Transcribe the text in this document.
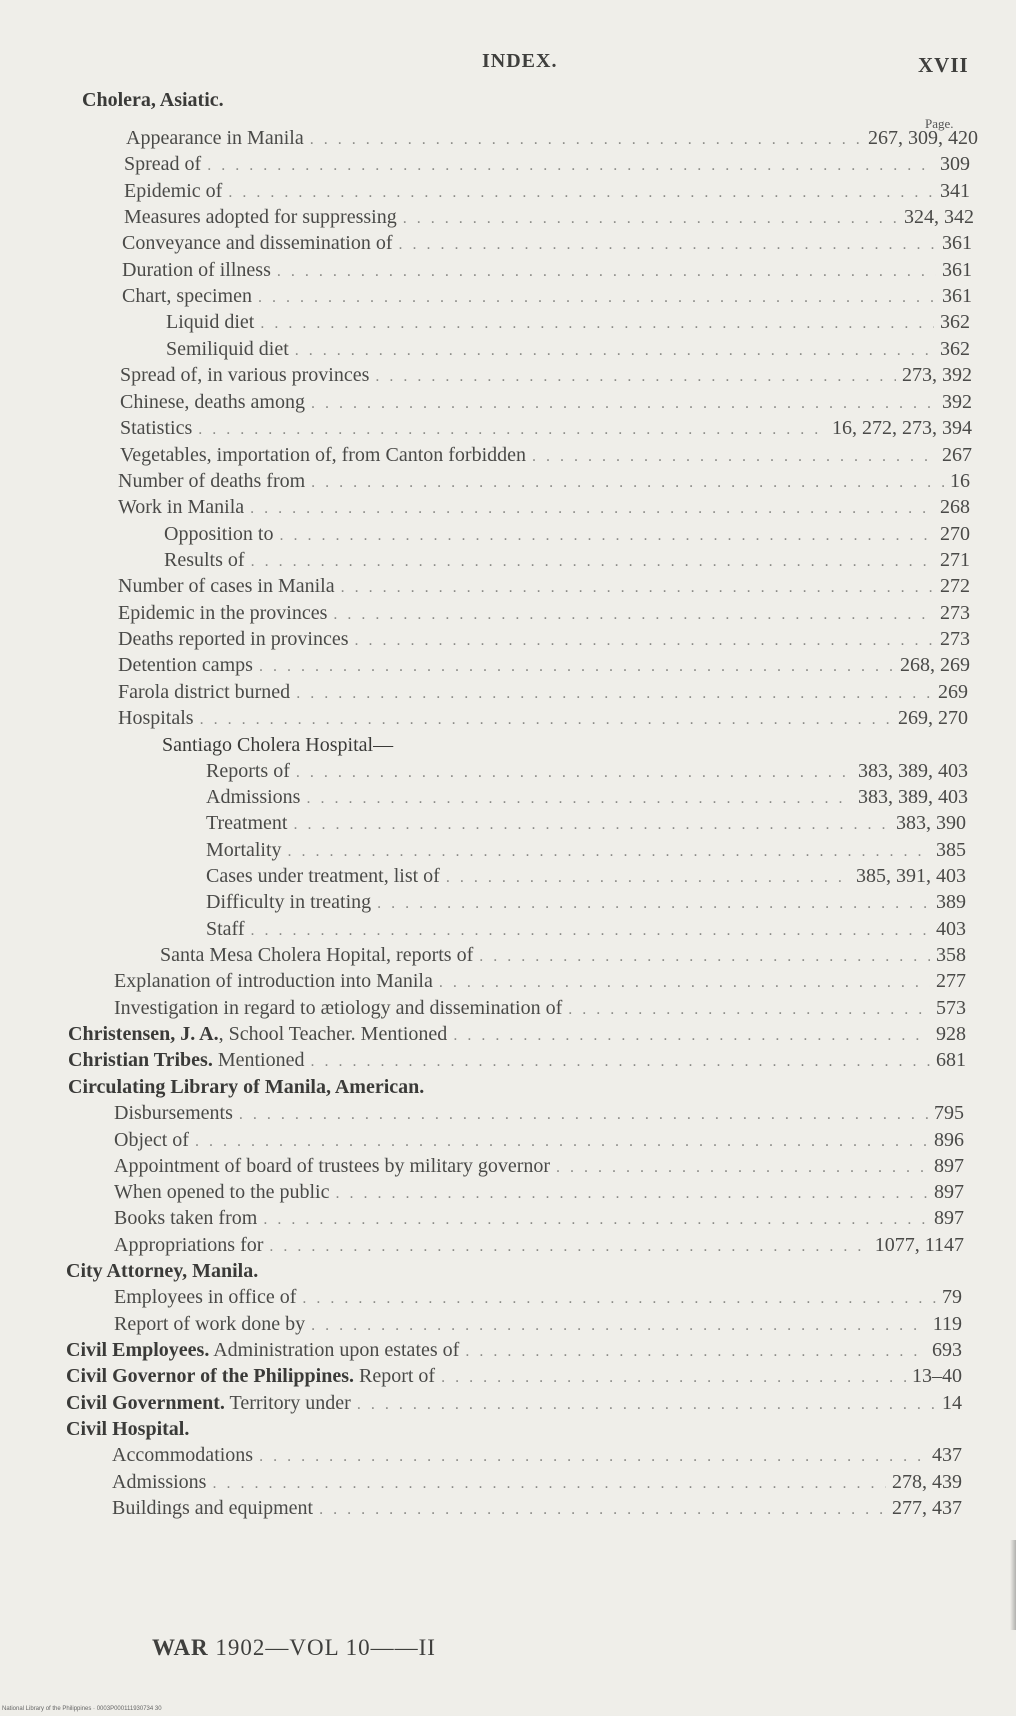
INDEX.	XVII
Page.
Cholera, Asiatic.
Appearance in Manila . . .	267, 309, 420
Spread of . . .	309
Epidemic of . . .	341
Measures adopted for suppressing . . .	324, 342
Conveyance and dissemination of . . .	361
Duration of illness . . .	361
Chart, specimen . . .	361
Liquid diet . . .	362
Semiliquid diet . . .	362
Spread of, in various provinces . . .	273, 392
Chinese, deaths among . . .	392
Statistics . . .	16, 272, 273, 394
Vegetables, importation of, from Canton forbidden . . .	267
Number of deaths from . . .	16
Work in Manila . . .	268
Opposition to . . .	270
Results of . . .	271
Number of cases in Manila . . .	272
Epidemic in the provinces . . .	273
Deaths reported in provinces . . .	273
Detention camps . . .	268, 269
Farola district burned . . .	269
Hospitals . . .	269, 270
Santiago Cholera Hospital—
Reports of . . .	383, 389, 403
Admissions . . .	383, 389, 403
Treatment . . .	383, 390
Mortality . . .	385
Cases under treatment, list of . . .	385, 391, 403
Difficulty in treating . . .	389
Staff . . .	403
Santa Mesa Cholera Hopital, reports of . . .	358
Explanation of introduction into Manila . . .	277
Investigation in regard to ætiology and dissemination of . . .	573
Christensen, J. A., School Teacher. Mentioned . . .	928
Christian Tribes. Mentioned . . .	681
Circulating Library of Manila, American.
Disbursements . . .	795
Object of . . .	896
Appointment of board of trustees by military governor . . .	897
When opened to the public . . .	897
Books taken from . . .	897
Appropriations for . . .	1077, 1147
City Attorney, Manila.
Employees in office of . . .	79
Report of work done by . . .	119
Civil Employees. Administration upon estates of . . .	693
Civil Governor of the Philippines. Report of . . .	13–40
Civil Government. Territory under . . .	14
Civil Hospital.
Accommodations . . .	437
Admissions . . .	278, 439
Buildings and equipment . . .	277, 437
WAR 1902—VOL 10——II
National Library of the Philippines · 0003P000111930734 30
